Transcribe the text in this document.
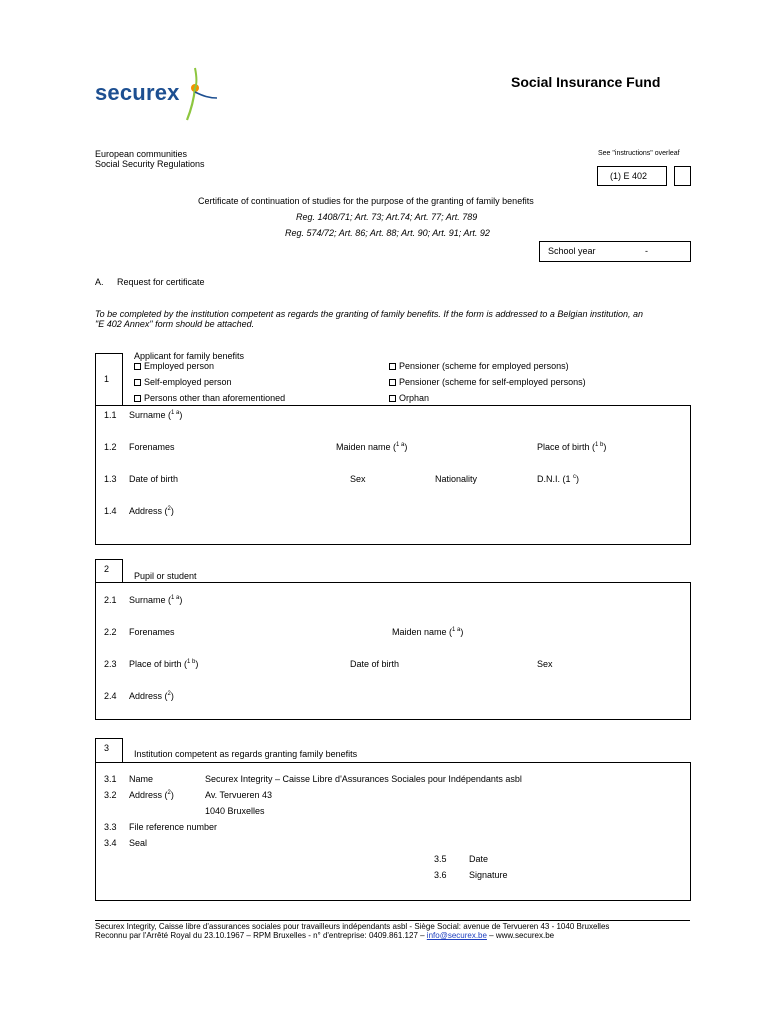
securex	Social Insurance Fund
European communities
Social Security Regulations
See "instructions" overleaf
(1) E 402
Certificate of continuation of studies for the purpose of the granting of family benefits
Reg. 1408/71; Art. 73; Art.74; Art. 77; Art. 789
Reg. 574/72; Art. 86; Art. 88; Art. 90; Art. 91; Art. 92
School year	-
A. Request for certificate
To be completed by the institution competent as regards the granting of family benefits. If the form is addressed to a Belgian institution, an
"E 402 Annex" form should be attached.
1
Applicant for family benefits
Employed person
Self-employed person
Persons other than aforementioned
Pensioner (scheme for employed persons)
Pensioner (scheme for self-employed persons)
Orphan
1.1 Surname ($^{1 a}$)
1.2 Forenames	Maiden name ($^{1 a}$)	Place of birth ($^{1 b}$)
1.3 Date of birth	Sex	Nationality	D.N.I. (1 $^c$)
1.4 Address ($^2$)
2
Pupil or student
2.1 Surname ($^{1 a}$)
2.2 Forenames	Maiden name ($^{1 a}$)
2.3 Place of birth ($^{1 b}$)	Date of birth	Sex
2.4 Address ($^2$)
3
Institution competent as regards granting family benefits
3.1 Name	Securex Integrity – Caisse Libre d'Assurances Sociales pour Indépendants asbl
3.2 Address ($^2$)	Av. Tervueren 43
1040 Bruxelles
3.3 File reference number
3.4 Seal
3.5 Date
3.6 Signature
Securex Integrity, Caisse libre d'assurances sociales pour travailleurs indépendants asbl - Siège Social: avenue de Tervueren 43 - 1040 Bruxelles
Reconnu par l'Arrêté Royal du 23.10.1967 – RPM Bruxelles - n° d'entreprise: 0409.861.127 – info@securex.be – www.securex.be
